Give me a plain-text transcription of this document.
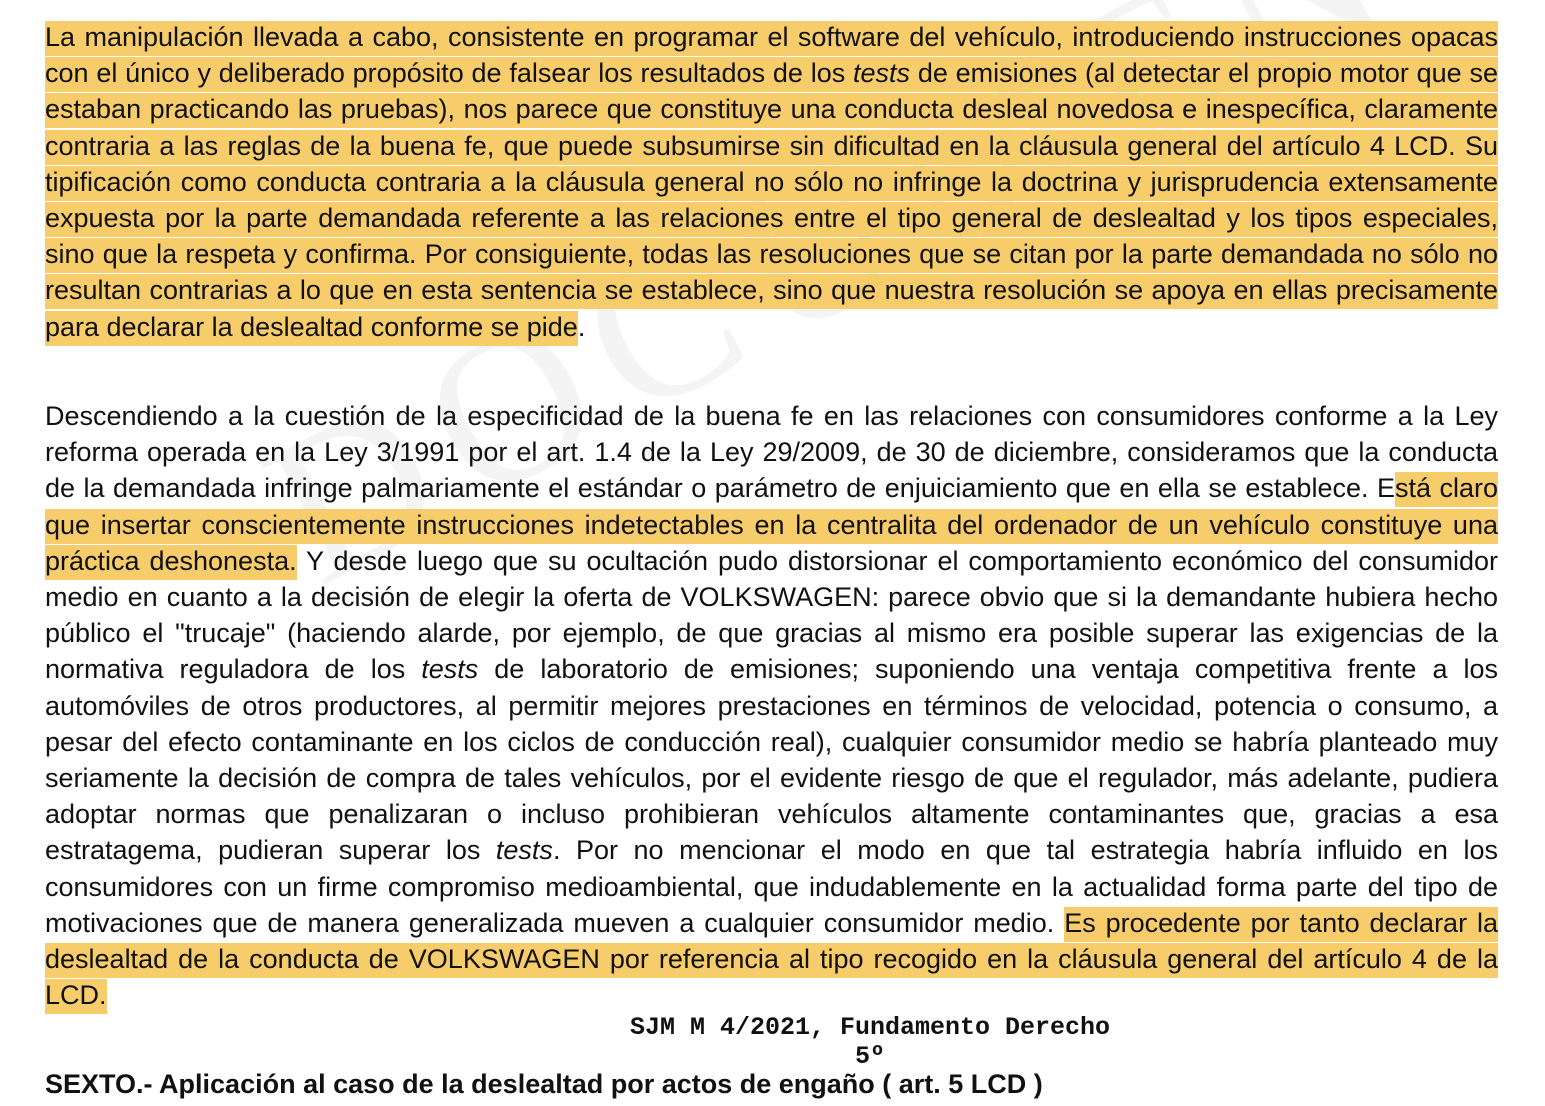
La manipulación llevada a cabo, consistente en programar el software del vehículo, introduciendo instrucciones opacas con el único y deliberado propósito de falsear los resultados de los tests de emisiones (al detectar el propio motor que se estaban practicando las pruebas), nos parece que constituye una conducta desleal novedosa e inespecífica, claramente contraria a las reglas de la buena fe, que puede subsumirse sin dificultad en la cláusula general del artículo 4 LCD. Su tipificación como conducta contraria a la cláusula general no sólo no infringe la doctrina y jurisprudencia extensamente expuesta por la parte demandada referente a las relaciones entre el tipo general de deslealtad y los tipos especiales, sino que la respeta y confirma. Por consiguiente, todas las resoluciones que se citan por la parte demandada no sólo no resultan contrarias a lo que en esta sentencia se establece, sino que nuestra resolución se apoya en ellas precisamente para declarar la deslealtad conforme se pide.

Descendiendo a la cuestión de la especificidad de la buena fe en las relaciones con consumidores conforme a la Ley reforma operada en la Ley 3/1991 por el art. 1.4 de la Ley 29/2009, de 30 de diciembre, consideramos que la conducta de la demandada infringe palmariamente el estándar o parámetro de enjuiciamiento que en ella se establece. Está claro que insertar conscientemente instrucciones indetectables en la centralita del ordenador de un vehículo constituye una práctica deshonesta. Y desde luego que su ocultación pudo distorsionar el comportamiento económico del consumidor medio en cuanto a la decisión de elegir la oferta de VOLKSWAGEN: parece obvio que si la demandante hubiera hecho público el "trucaje" (haciendo alarde, por ejemplo, de que gracias al mismo era posible superar las exigencias de la normativa reguladora de los tests de laboratorio de emisiones; suponiendo una ventaja competitiva frente a los automóviles de otros productores, al permitir mejores prestaciones en términos de velocidad, potencia o consumo, a pesar del efecto contaminante en los ciclos de conducción real), cualquier consumidor medio se habría planteado muy seriamente la decisión de compra de tales vehículos, por el evidente riesgo de que el regulador, más adelante, pudiera adoptar normas que penalizaran o incluso prohibieran vehículos altamente contaminantes que, gracias a esa estratagema, pudieran superar los tests. Por no mencionar el modo en que tal estrategia habría influido en los consumidores con un firme compromiso medioambiental, que indudablemente en la actualidad forma parte del tipo de motivaciones que de manera generalizada mueven a cualquier consumidor medio. Es procedente por tanto declarar la deslealtad de la conducta de VOLKSWAGEN por referencia al tipo recogido en la cláusula general del artículo 4 de la LCD.

SJM M 4/2021, Fundamento Derecho
5º

SEXTO.- Aplicación al caso de la deslealtad por actos de engaño ( art. 5 LCD )
